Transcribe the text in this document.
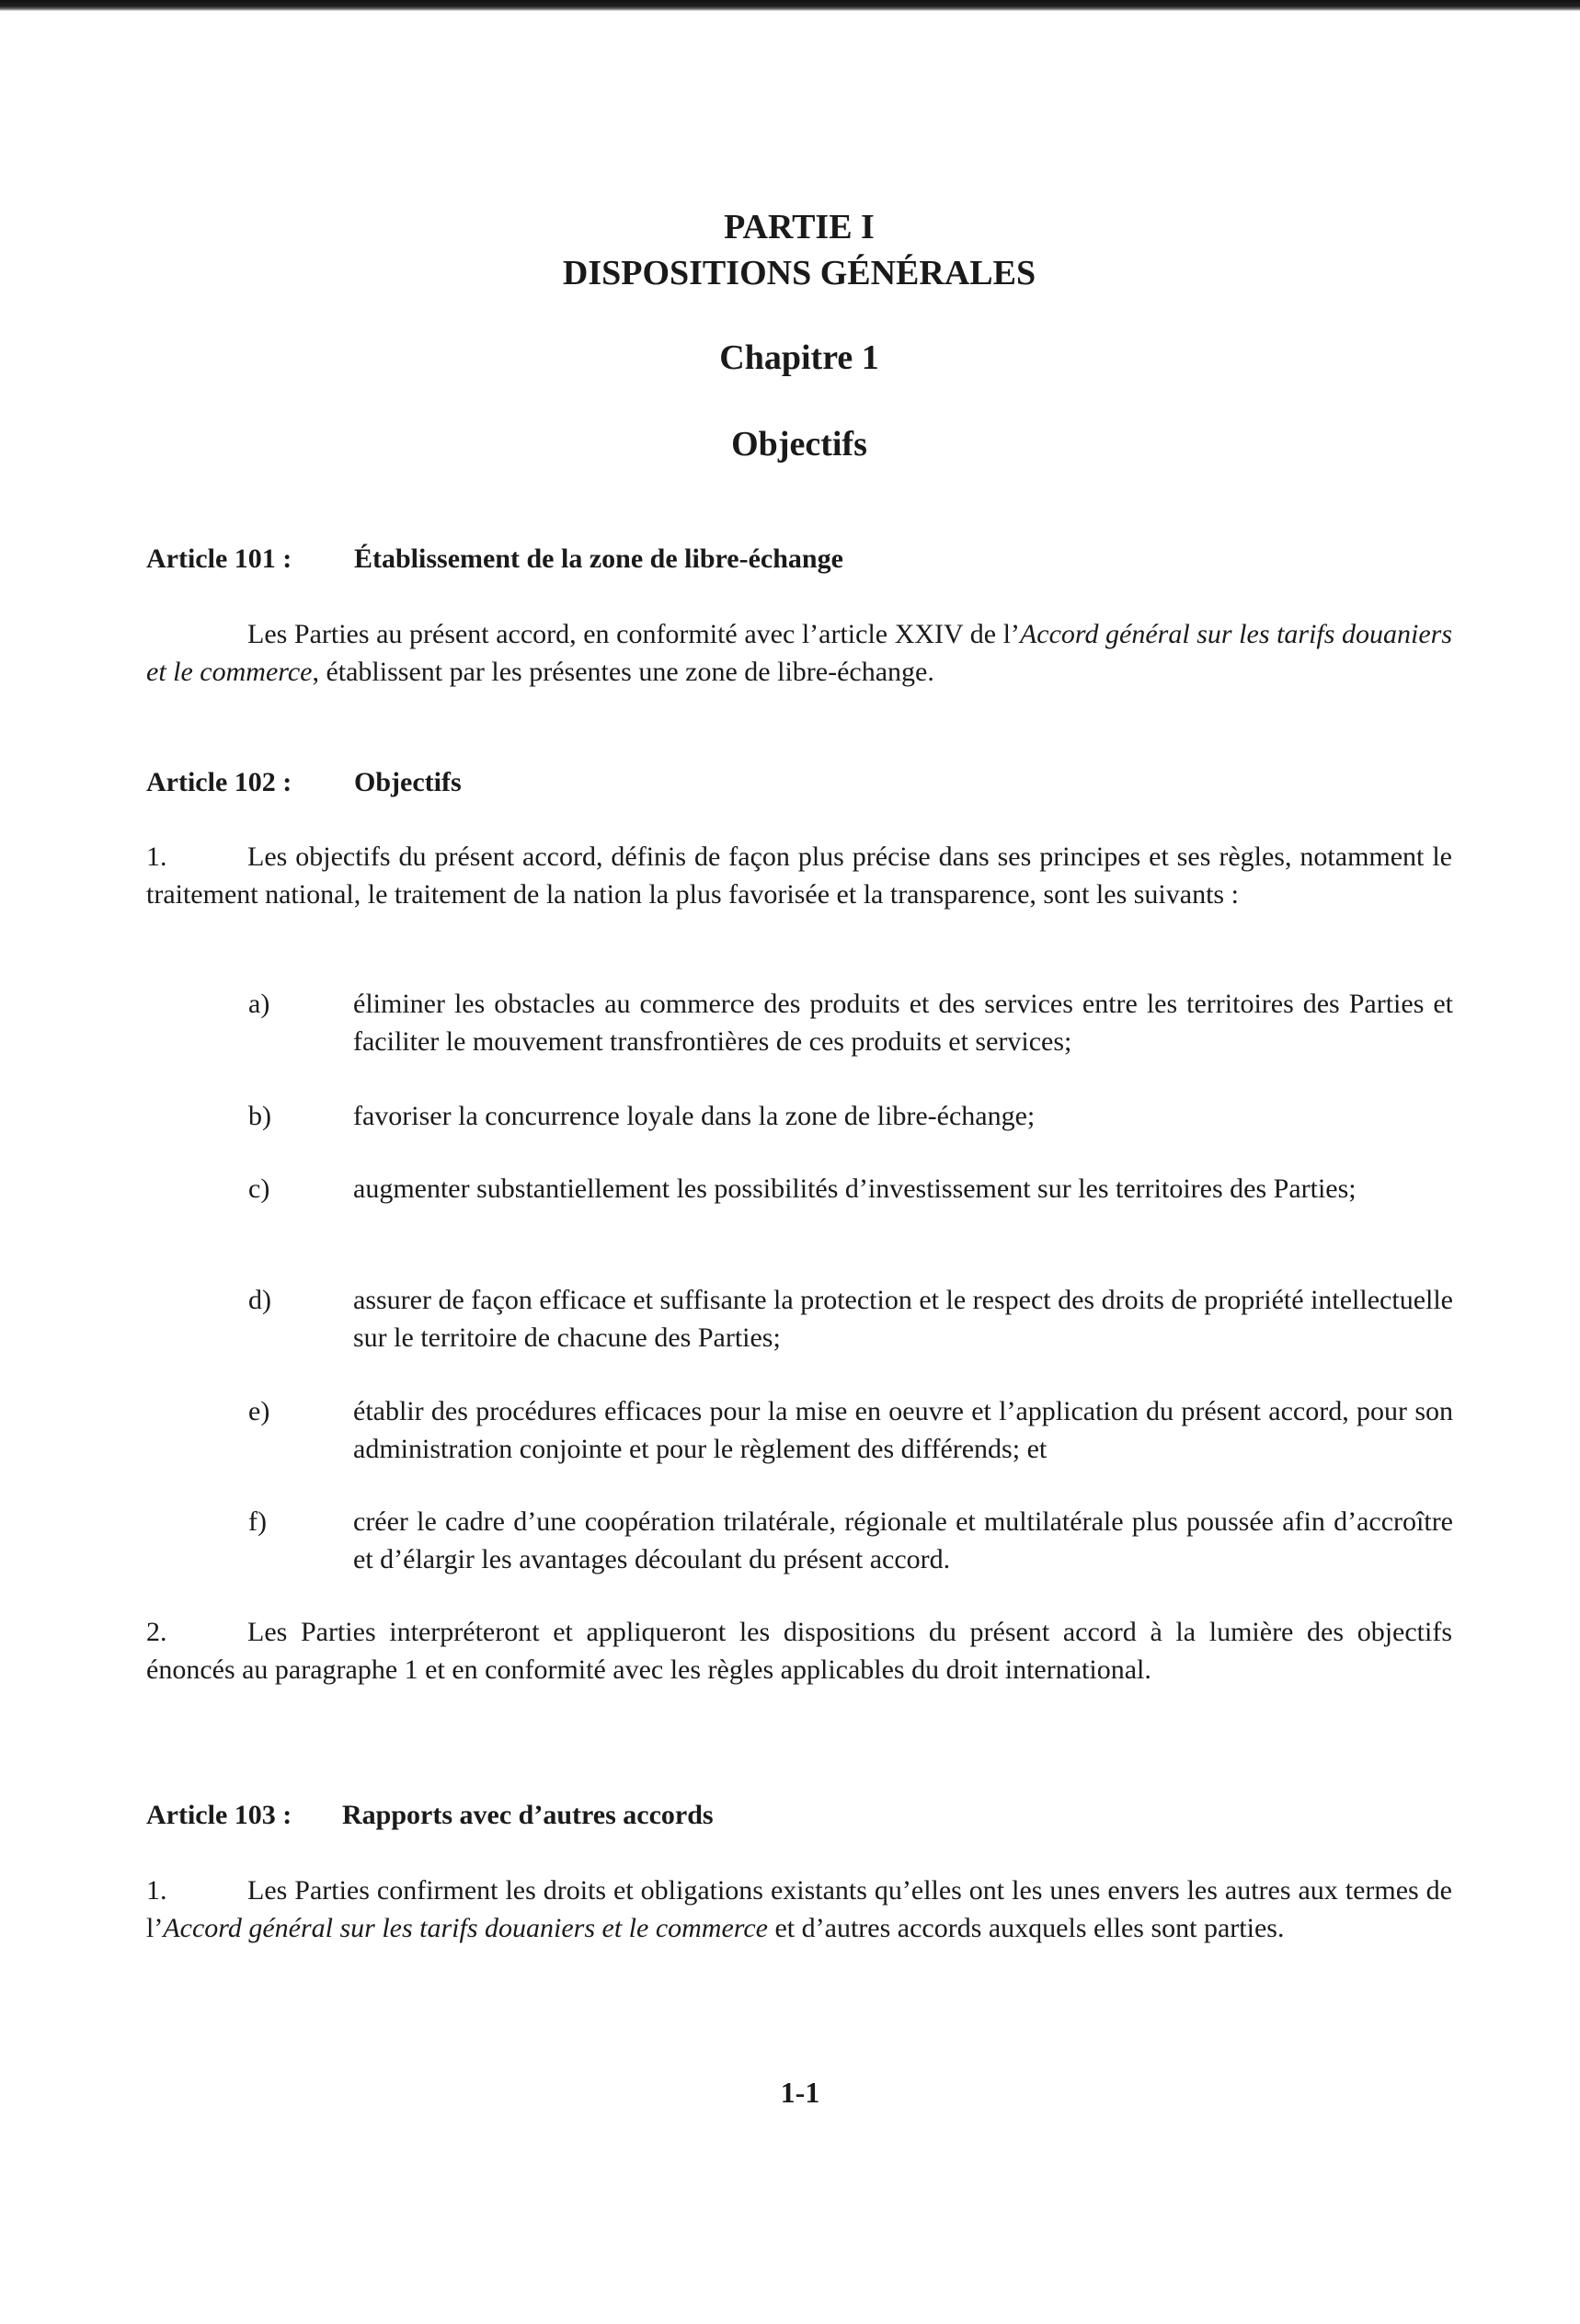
PARTIE I
DISPOSITIONS GÉNÉRALES
Chapitre 1
Objectifs
Article 101 : Établissement de la zone de libre-échange
Les Parties au présent accord, en conformité avec l’article XXIV de l’Accord général sur les tarifs douaniers et le commerce, établissent par les présentes une zone de libre-échange.
Article 102 : Objectifs
1.	Les objectifs du présent accord, définis de façon plus précise dans ses principes et ses règles, notamment le traitement national, le traitement de la nation la plus favorisée et la transparence, sont les suivants :
a)	éliminer les obstacles au commerce des produits et des services entre les territoires des Parties et faciliter le mouvement transfrontières de ces produits et services;
b)	favoriser la concurrence loyale dans la zone de libre-échange;
c)	augmenter substantiellement les possibilités d’investissement sur les territoires des Parties;
d)	assurer de façon efficace et suffisante la protection et le respect des droits de propriété intellectuelle sur le territoire de chacune des Parties;
e)	établir des procédures efficaces pour la mise en oeuvre et l’application du présent accord, pour son administration conjointe et pour le règlement des différends; et
f)	créer le cadre d’une coopération trilatérale, régionale et multilatérale plus poussée afin d’accroître et d’élargir les avantages découlant du présent accord.
2.	Les Parties interpréteront et appliqueront les dispositions du présent accord à la lumière des objectifs énoncés au paragraphe 1 et en conformité avec les règles applicables du droit international.
Article 103 : Rapports avec d’autres accords
1.	Les Parties confirment les droits et obligations existants qu’elles ont les unes envers les autres aux termes de l’Accord général sur les tarifs douaniers et le commerce et d’autres accords auxquels elles sont parties.
1-1
